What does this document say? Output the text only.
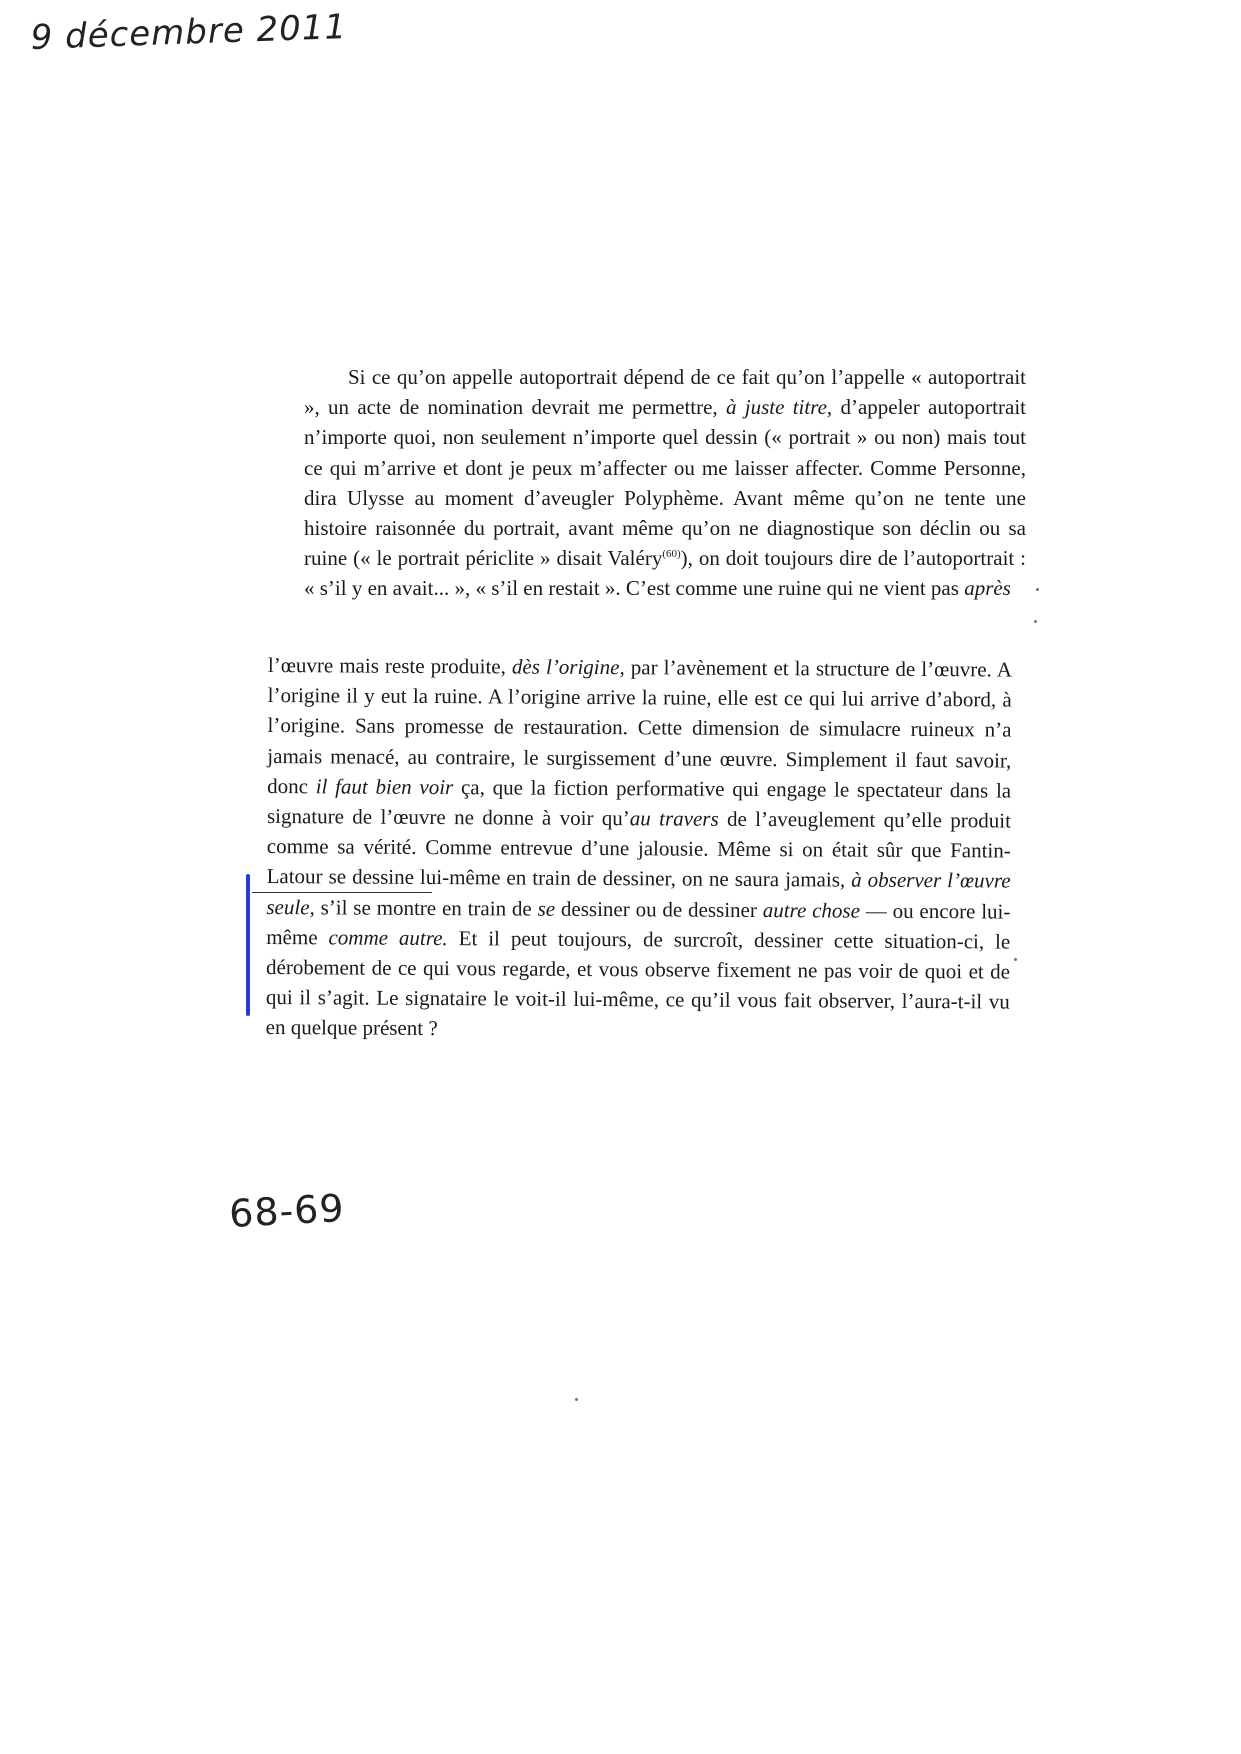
9 décembre 2011

Si ce qu’on appelle autoportrait dépend de ce fait qu’on l’appelle « autoportrait », un acte de nomination devrait me permettre, à juste titre, d’appeler autoportrait n’importe quoi, non seulement n’importe quel dessin (« portrait » ou non) mais tout ce qui m’arrive et dont je peux m’affecter ou me laisser affecter. Comme Personne, dira Ulysse au moment d’aveugler Polyphème. Avant même qu’on ne tente une histoire raisonnée du portrait, avant même qu’on ne diagnostique son déclin ou sa ruine (« le portrait périclite » disait Valéry$^{(60)}$), on doit toujours dire de l’autoportrait : « s’il y en avait... », « s’il en restait ». C’est comme une ruine qui ne vient pas après

l’œuvre mais reste produite, dès l’origine, par l’avènement et la structure de l’œuvre. A l’origine il y eut la ruine. A l’origine arrive la ruine, elle est ce qui lui arrive d’abord, à l’origine. Sans promesse de restauration. Cette dimension de simulacre ruineux n’a jamais menacé, au contraire, le surgissement d’une œuvre. Simplement il faut savoir, donc il faut bien voir ça, que la fiction performative qui engage le spectateur dans la signature de l’œuvre ne donne à voir qu’au travers de l’aveuglement qu’elle produit comme sa vérité. Comme entrevue d’une jalousie. Même si on était sûr que Fantin-Latour se dessine lui-même en train de dessiner, on ne saura jamais, à observer l’œuvre seule, s’il se montre en train de se dessiner ou de dessiner autre chose — ou encore lui-même comme autre. Et il peut toujours, de surcroît, dessiner cette situation-ci, le dérobement de ce qui vous regarde, et vous observe fixement ne pas voir de quoi et de qui il s’agit. Le signataire le voit-il lui-même, ce qu’il vous fait observer, l’aura-t-il vu en quelque présent ?

68-69
